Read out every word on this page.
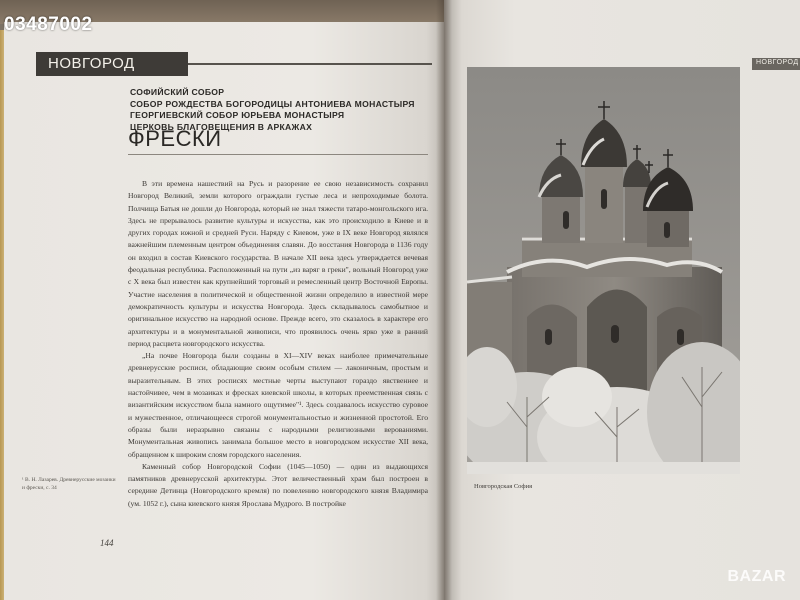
03487002
НОВГОРОД
СОФИЙСКИЙ СОБОР
СОБОР РОЖДЕСТВА БОГОРОДИЦЫ АНТОНИЕВА МОНАСТЫРЯ
ГЕОРГИЕВСКИЙ СОБОР ЮРЬЕВА МОНАСТЫРЯ
ЦЕРКОВЬ БЛАГОВЕЩЕНИЯ В АРКАЖАХ
ФРЕСКИ

В эти времена нашествий на Русь и разорение ее свою независимость сохранил Новгород Великий, земли которого ограждали густые леса и непроходимые болота. Полчища Батыя не дошли до Новгорода, который не знал тяжести татаро-монгольского ига. Здесь не прерывалось развитие культуры и искусства, как это происходило в Киеве и в других городах южной и средней Руси. Наряду с Киевом, уже в IX веке Новгород являлся важнейшим племенным центром объединения славян. До восстания Новгорода в 1136 году он входил в состав Киевского государства. В начале XII века здесь утверждается вечевая феодальная республика. Расположенный на пути „из варяг в греки", вольный Новгород уже с X века был известен как крупнейший торговый и ремесленный центр Восточной Европы. Участие населения в политической и общественной жизни определило в известной мере демократичность культуры и искусства Новгорода. Здесь складывалось самобытное и оригинальное искусство на народной основе. Прежде всего, это сказалось в характере его архитектуры и в монументальной живописи, что проявилось очень ярко уже в ранний период расцвета новгородского искусства.

„На почве Новгорода были созданы в XI—XIV веках наиболее примечательные древнерусские росписи, обладающие своим особым стилем — лаконичным, простым и выразительным. В этих росписях местные черты выступают гораздо явственнее и настойчивее, чем в мозаиках и фресках киевской школы, в которых преемственная связь с византийским искусством была намного ощутимее"¹. Здесь создавалось искусство суровое и мужественное, отличающееся строгой монументальностью и жизненной простотой. Его образы были неразрывно связаны с народными религиозными верованиями. Монументальная живопись занимала большое место в новгородском искусстве XII века, обращенном к широким слоям городского населения.

Каменный собор Новгородской Софии (1045—1050) — один из выдающихся памятников древнерусской архитектуры. Этот величественный храм был построен в середине Детинца (Новгородского кремля) по повелению новгородского князя Владимира (ум. 1052 г.), сына киевского князя Ярослава Мудрого. В постройке

¹ В. Н. Лазарев. Древнерусские мозаики и фрески, с. 34
144
НОВГОРОД
Новгородская София
BAZAR
